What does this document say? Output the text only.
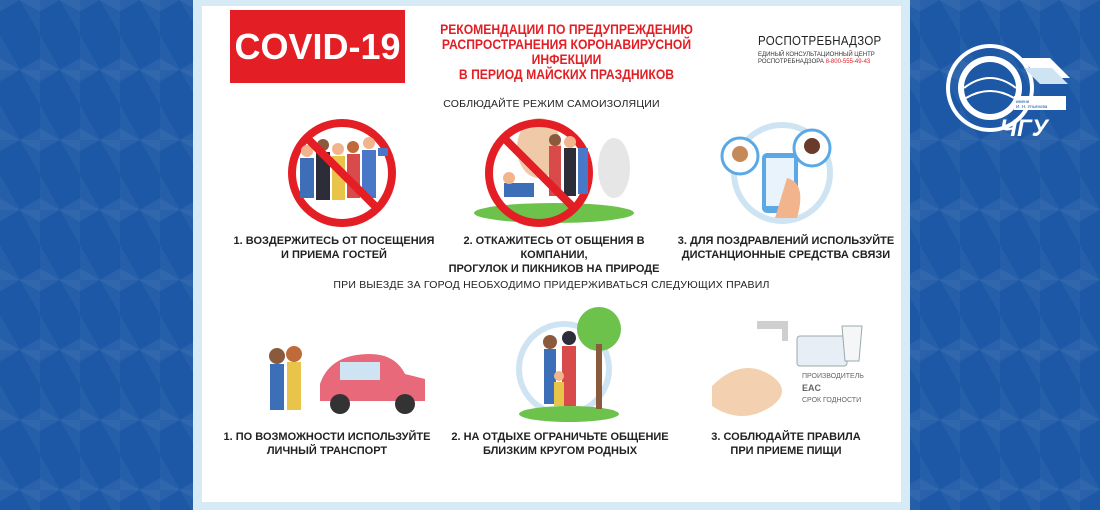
COVID-19	РЕКОМЕНДАЦИИ ПО ПРЕДУПРЕЖДЕНИЮ
РАСПРОСТРАНЕНИЯ КОРОНАВИРУСНОЙ ИНФЕКЦИИ
В ПЕРИОД МАЙСКИХ ПРАЗДНИКОВ
РОСПОТРЕБНАДЗОР
ЕДИНЫЙ КОНСУЛЬТАЦИОННЫЙ ЦЕНТР
РОСПОТРЕБНАДЗОРА 8-800-555-49-43
СОБЛЮДАЙТЕ РЕЖИМ САМОИЗОЛЯЦИИ
1. ВОЗДЕРЖИТЕСЬ ОТ ПОСЕЩЕНИЯ
И ПРИЕМА ГОСТЕЙ
2. ОТКАЖИТЕСЬ ОТ ОБЩЕНИЯ В КОМПАНИИ,
ПРОГУЛОК И ПИКНИКОВ НА ПРИРОДЕ
3. ДЛЯ ПОЗДРАВЛЕНИЙ ИСПОЛЬЗУЙТЕ
ДИСТАНЦИОННЫЕ СРЕДСТВА СВЯЗИ
ПРИ ВЫЕЗДЕ ЗА ГОРОД НЕОБХОДИМО ПРИДЕРЖИВАТЬСЯ СЛЕДУЮЩИХ ПРАВИЛ
ПРОИЗВОДИТЕЛЬ
EAC
СРОК ГОДНОСТИ
1. ПО ВОЗМОЖНОСТИ ИСПОЛЬЗУЙТЕ
ЛИЧНЫЙ ТРАНСПОРТ
2. НА ОТДЫХЕ ОГРАНИЧЬТЕ ОБЩЕНИЕ
БЛИЗКИМ КРУГОМ РОДНЫХ
3. СОБЛЮДАЙТЕ ПРАВИЛА
ПРИ ПРИЕМЕ ПИЩИ
имени
И. Н. Ульянова
ЧГУ
